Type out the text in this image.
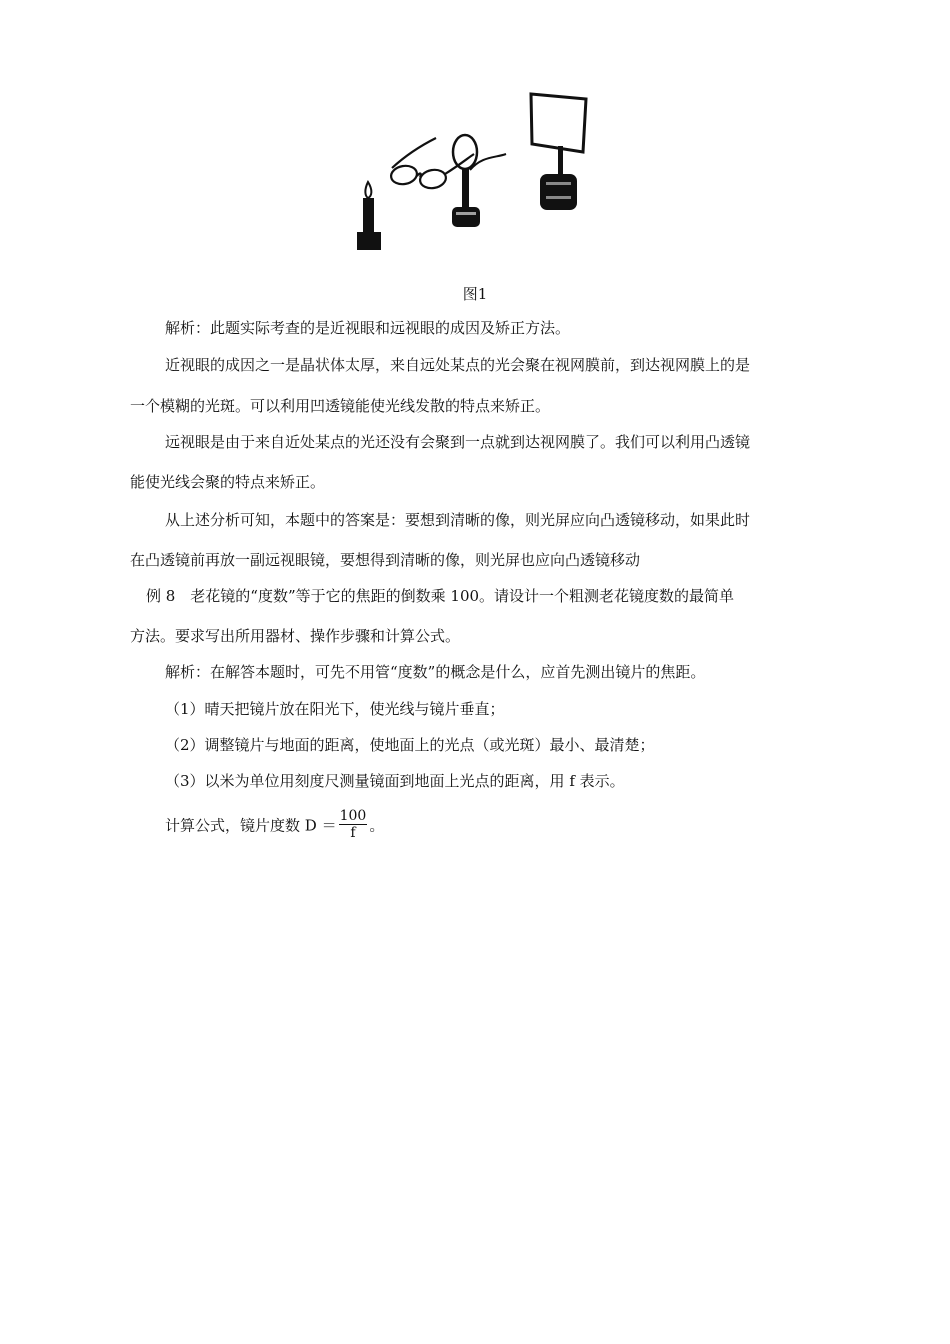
图1
解析：此题实际考查的是近视眼和远视眼的成因及矫正方法。
近视眼的成因之一是晶状体太厚，来自远处某点的光会聚在视网膜前，到达视网膜上的是
一个模糊的光斑。可以利用凹透镜能使光线发散的特点来矫正。
远视眼是由于来自近处某点的光还没有会聚到一点就到达视网膜了。我们可以利用凸透镜
能使光线会聚的特点来矫正。
从上述分析可知，本题中的答案是：要想到清晰的像，则光屏应向凸透镜移动，如果此时
在凸透镜前再放一副远视眼镜，要想得到清晰的像，则光屏也应向凸透镜移动
例 8　老花镜的“度数”等于它的焦距的倒数乘 100。请设计一个粗测老花镜度数的最简单
方法。要求写出所用器材、操作步骤和计算公式。
解析：在解答本题时，可先不用管“度数”的概念是什么，应首先测出镜片的焦距。
（1）晴天把镜片放在阳光下，使光线与镜片垂直；
（2）调整镜片与地面的距离，使地面上的光点（或光斑）最小、最清楚；
（3）以米为单位用刻度尺测量镜面到地面上光点的距离，用 f 表示。
计算公式，镜片度数 $D = \frac{100}{f}$ 。
